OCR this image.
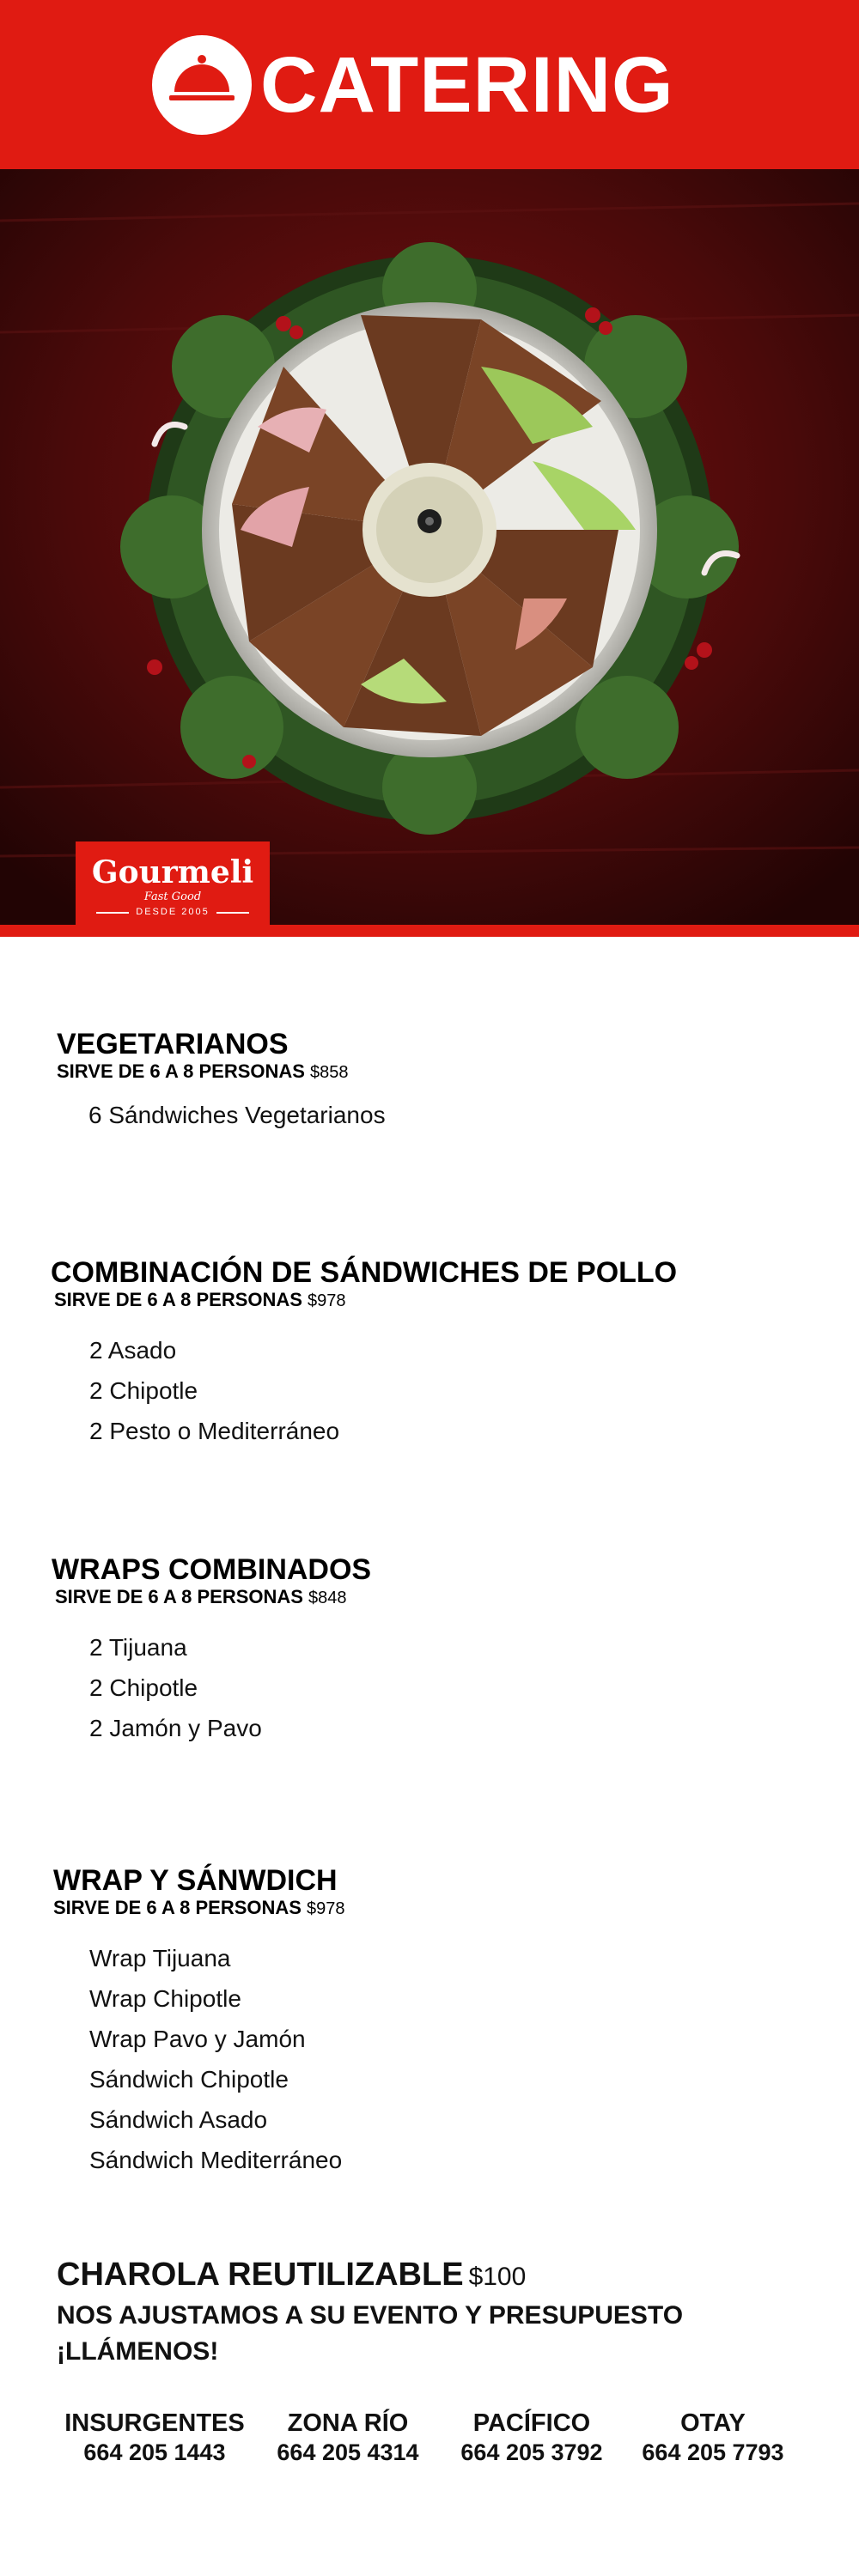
CATERING
Gourmeli
Fast Good
DESDE 2005
VEGETARIANOS
SIRVE DE 6 A 8 PERSONAS $858
6 Sándwiches Vegetarianos
COMBINACIÓN DE SÁNDWICHES DE POLLO
SIRVE DE 6 A 8 PERSONAS $978
2 Asado
2 Chipotle
2 Pesto o Mediterráneo
WRAPS COMBINADOS
SIRVE DE 6 A 8 PERSONAS $848
2 Tijuana
2 Chipotle
2 Jamón y Pavo
WRAP Y SÁNWDICH
SIRVE DE 6 A 8 PERSONAS $978
Wrap Tijuana
Wrap Chipotle
Wrap Pavo y Jamón
Sándwich Chipotle
Sándwich Asado
Sándwich Mediterráneo
CHAROLA REUTILIZABLE $100
NOS AJUSTAMOS A SU EVENTO Y PRESUPUESTO
¡LLÁMENOS!
INSURGENTES
664 205 1443
ZONA RÍO
664 205 4314
PACÍFICO
664 205 3792
OTAY
664 205 7793
